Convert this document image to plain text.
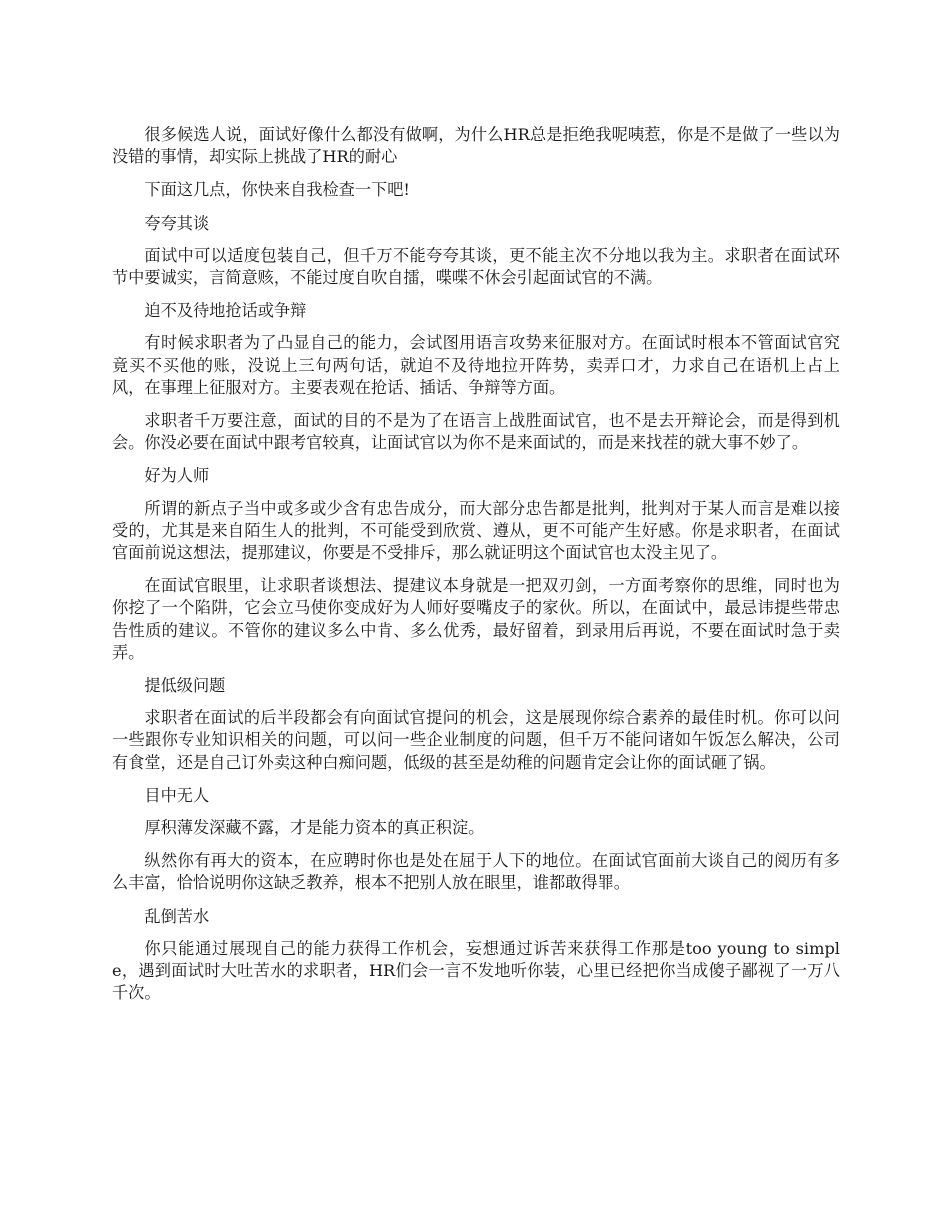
很多候选人说，面试好像什么都没有做啊，为什么HR总是拒绝我呢咦惹，你是不是做了一些以为没错的事情，却实际上挑战了HR的耐心

下面这几点，你快来自我检查一下吧!

夸夸其谈

面试中可以适度包装自己，但千万不能夸夸其谈，更不能主次不分地以我为主。求职者在面试环节中要诚实，言简意赅，不能过度自吹自擂，喋喋不休会引起面试官的不满。

迫不及待地抢话或争辩

有时候求职者为了凸显自己的能力，会试图用语言攻势来征服对方。在面试时根本不管面试官究竟买不买他的账，没说上三句两句话，就迫不及待地拉开阵势，卖弄口才，力求自己在语机上占上风，在事理上征服对方。主要表观在抢话、插话、争辩等方面。

求职者千万要注意，面试的目的不是为了在语言上战胜面试官，也不是去开辩论会，而是得到机会。你没必要在面试中跟考官较真，让面试官以为你不是来面试的，而是来找茬的就大事不妙了。

好为人师

所谓的新点子当中或多或少含有忠告成分，而大部分忠告都是批判，批判对于某人而言是难以接受的，尤其是来自陌生人的批判，不可能受到欣赏、遵从，更不可能产生好感。你是求职者，在面试官面前说这想法，提那建议，你要是不受排斥，那么就证明这个面试官也太没主见了。

在面试官眼里，让求职者谈想法、提建议本身就是一把双刃剑，一方面考察你的思维，同时也为你挖了一个陷阱，它会立马使你变成好为人师好耍嘴皮子的家伙。所以，在面试中，最忌讳提些带忠告性质的建议。不管你的建议多么中肯、多么优秀，最好留着，到录用后再说，不要在面试时急于卖弄。

提低级问题

求职者在面试的后半段都会有向面试官提问的机会，这是展现你综合素养的最佳时机。你可以问一些跟你专业知识相关的问题，可以问一些企业制度的问题，但千万不能问诸如午饭怎么解决，公司有食堂，还是自己订外卖这种白痴问题，低级的甚至是幼稚的问题肯定会让你的面试砸了锅。

目中无人

厚积薄发深藏不露，才是能力资本的真正积淀。

纵然你有再大的资本，在应聘时你也是处在屈于人下的地位。在面试官面前大谈自己的阅历有多么丰富，恰恰说明你这缺乏教养，根本不把别人放在眼里，谁都敢得罪。

乱倒苦水

你只能通过展现自己的能力获得工作机会，妄想通过诉苦来获得工作那是too young to simple，遇到面试时大吐苦水的求职者，HR们会一言不发地听你装，心里已经把你当成傻子鄙视了一万八千次。
